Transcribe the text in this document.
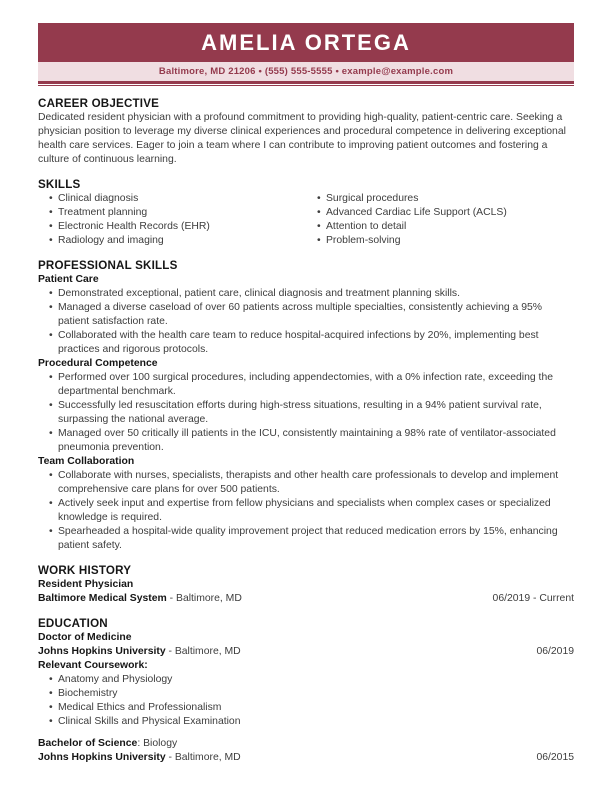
AMELIA ORTEGA
Baltimore, MD 21206 • (555) 555-5555 • example@example.com
CAREER OBJECTIVE

Dedicated resident physician with a profound commitment to providing high-quality, patient-centric care. Seeking a physician position to leverage my diverse clinical experiences and procedural competence in delivering exceptional health care services. Eager to join a team where I can contribute to improving patient outcomes and fostering a culture of continuous learning.

SKILLS
• Clinical diagnosis
• Treatment planning
• Electronic Health Records (EHR)
• Radiology and imaging
• Surgical procedures
• Advanced Cardiac Life Support (ACLS)
• Attention to detail
• Problem-solving
PROFESSIONAL SKILLS
Patient Care
• Demonstrated exceptional, patient care, clinical diagnosis and treatment planning skills.
• Managed a diverse caseload of over 60 patients across multiple specialties, consistently achieving a 95% patient satisfaction rate.
• Collaborated with the health care team to reduce hospital-acquired infections by 20%, implementing best practices and rigorous protocols.
Procedural Competence
• Performed over 100 surgical procedures, including appendectomies, with a 0% infection rate, exceeding the departmental benchmark.
• Successfully led resuscitation efforts during high-stress situations, resulting in a 94% patient survival rate, surpassing the national average.
• Managed over 50 critically ill patients in the ICU, consistently maintaining a 98% rate of ventilator-associated pneumonia prevention.
Team Collaboration
• Collaborate with nurses, specialists, therapists and other health care professionals to develop and implement comprehensive care plans for over 500 patients.
• Actively seek input and expertise from fellow physicians and specialists when complex cases or specialized knowledge is required.
• Spearheaded a hospital-wide quality improvement project that reduced medication errors by 15%, enhancing patient safety.
WORK HISTORY
Resident Physician
Baltimore Medical System - Baltimore, MD	06/2019 - Current
EDUCATION
Doctor of Medicine
Johns Hopkins University - Baltimore, MD	06/2019
Relevant Coursework:
• Anatomy and Physiology
• Biochemistry
• Medical Ethics and Professionalism
• Clinical Skills and Physical Examination
Bachelor of Science: Biology
Johns Hopkins University - Baltimore, MD	06/2015
